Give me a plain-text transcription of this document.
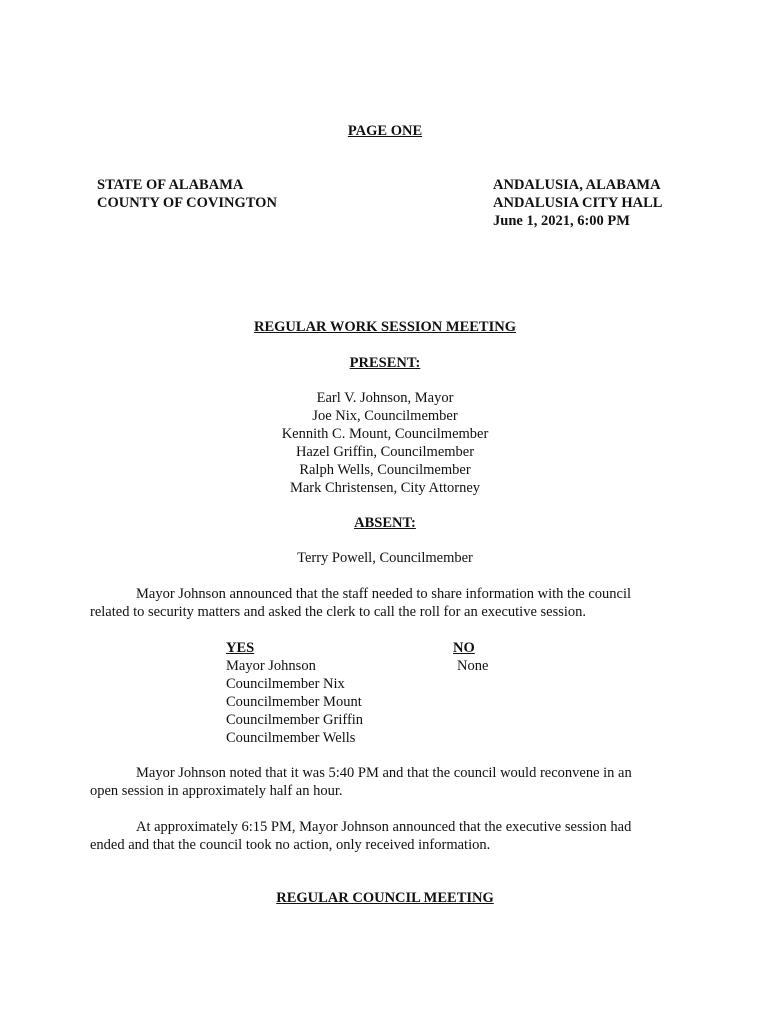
PAGE ONE
STATE OF ALABAMA
COUNTY OF COVINGTON
ANDALUSIA, ALABAMA
ANDALUSIA CITY HALL
June 1, 2021, 6:00 PM
REGULAR WORK SESSION MEETING
PRESENT:
Earl V. Johnson, Mayor
Joe Nix, Councilmember
Kennith C. Mount, Councilmember
Hazel Griffin, Councilmember
Ralph Wells, Councilmember
Mark Christensen, City Attorney
ABSENT:
Terry Powell, Councilmember
Mayor Johnson announced that the staff needed to share information with the council
related to security matters and asked the clerk to call the roll for an executive session.
YES
Mayor Johnson
Councilmember Nix
Councilmember Mount
Councilmember Griffin
Councilmember Wells
NO
None
Mayor Johnson noted that it was 5:40 PM and that the council would reconvene in an
open session in approximately half an hour.
At approximately 6:15 PM, Mayor Johnson announced that the executive session had
ended and that the council took no action, only received information.
REGULAR COUNCIL MEETING
